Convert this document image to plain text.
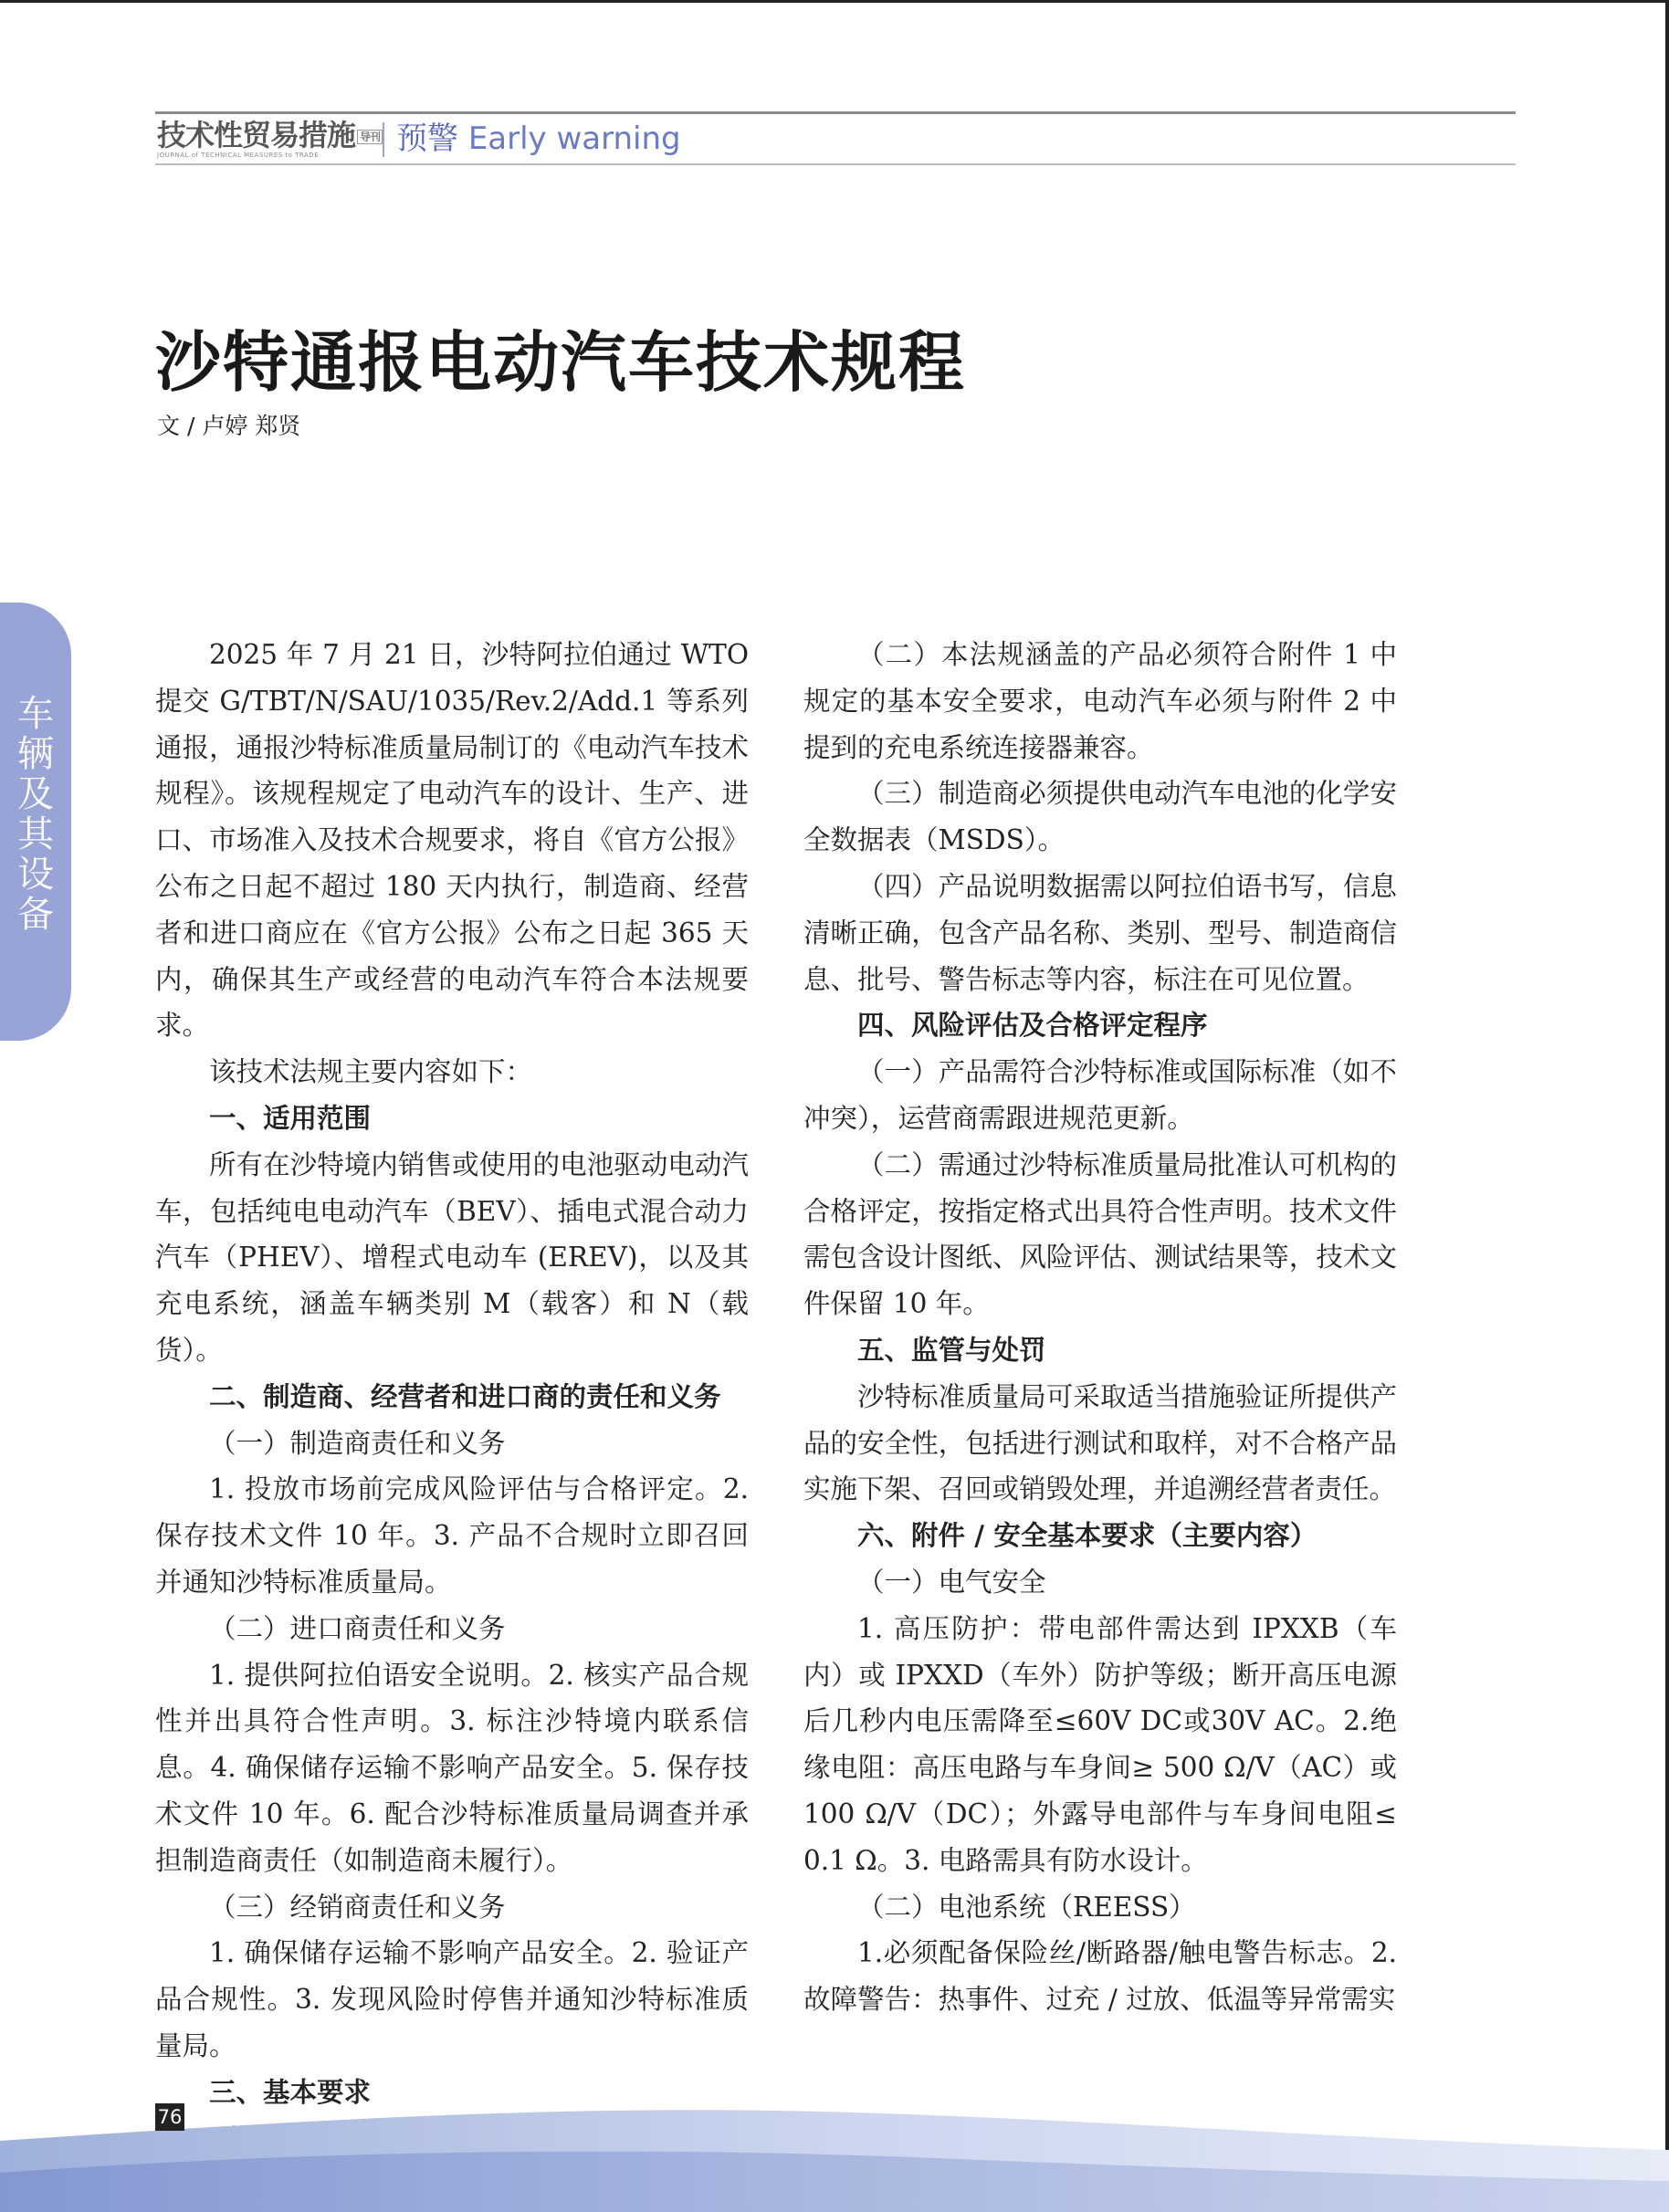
技术性贸易措施 导刊
JOURNAL of TECHNICAL MEASURES to TRADE	预警 Early warning
沙特通报电动汽车技术规程
文 / 卢婷 郑贤
车
辆
及
其
设
备

2025 年 7 月 21 日，沙特阿拉伯通过 WTO 提交 G/TBT/N/SAU/1035/Rev.2/Add.1 等系列通报，通报沙特标准质量局制订的《电动汽车技术规程》。该规程规定了电动汽车的设计、生产、进口、市场准入及技术合规要求，将自《官方公报》公布之日起不超过 180 天内执行，制造商、经营者和进口商应在《官方公报》公布之日起 365 天内，确保其生产或经营的电动汽车符合本法规要求。

该技术法规主要内容如下：

一、适用范围

所有在沙特境内销售或使用的电池驱动电动汽车，包括纯电电动汽车（BEV）、插电式混合动力汽车（PHEV）、增程式电动车 (EREV)，以及其充电系统，涵盖车辆类别 M（载客）和 N（载货）。

二、制造商、经营者和进口商的责任和义务

（一）制造商责任和义务

1. 投放市场前完成风险评估与合格评定。2. 保存技术文件 10 年。3. 产品不合规时立即召回并通知沙特标准质量局。

（二）进口商责任和义务

1. 提供阿拉伯语安全说明。2. 核实产品合规性并出具符合性声明。3. 标注沙特境内联系信息。4. 确保储存运输不影响产品安全。5. 保存技术文件 10 年。6. 配合沙特标准质量局调查并承担制造商责任（如制造商未履行）。

（三）经销商责任和义务

1. 确保储存运输不影响产品安全。2. 验证产品合规性。3. 发现风险时停售并通知沙特标准质量局。

三、基本要求

（二）本法规涵盖的产品必须符合附件 1 中规定的基本安全要求，电动汽车必须与附件 2 中提到的充电系统连接器兼容。

（三）制造商必须提供电动汽车电池的化学安全数据表（MSDS）。

（四）产品说明数据需以阿拉伯语书写，信息清晰正确，包含产品名称、类别、型号、制造商信息、批号、警告标志等内容，标注在可见位置。

四、风险评估及合格评定程序

（一）产品需符合沙特标准或国际标准（如不冲突），运营商需跟进规范更新。

（二）需通过沙特标准质量局批准认可机构的合格评定，按指定格式出具符合性声明。技术文件需包含设计图纸、风险评估、测试结果等，技术文件保留 10 年。

五、监管与处罚

沙特标准质量局可采取适当措施验证所提供产品的安全性，包括进行测试和取样，对不合格产品实施下架、召回或销毁处理，并追溯经营者责任。

六、附件 / 安全基本要求（主要内容）

（一）电气安全

1. 高压防护：带电部件需达到 IPXXB（车内）或 IPXXD（车外）防护等级；断开高压电源后几秒内电压需降至≤60V DC或30V AC。2.绝缘电阻：高压电路与车身间≥ 500 Ω/V（AC）或 100 Ω/V（DC）；外露导电部件与车身间电阻≤ 0.1 Ω。3. 电路需具有防水设计。

（二）电池系统（REESS）

1.必须配备保险丝/断路器/触电警告标志。2.故障警告：热事件、过充 / 过放、低温等异常需实

76
